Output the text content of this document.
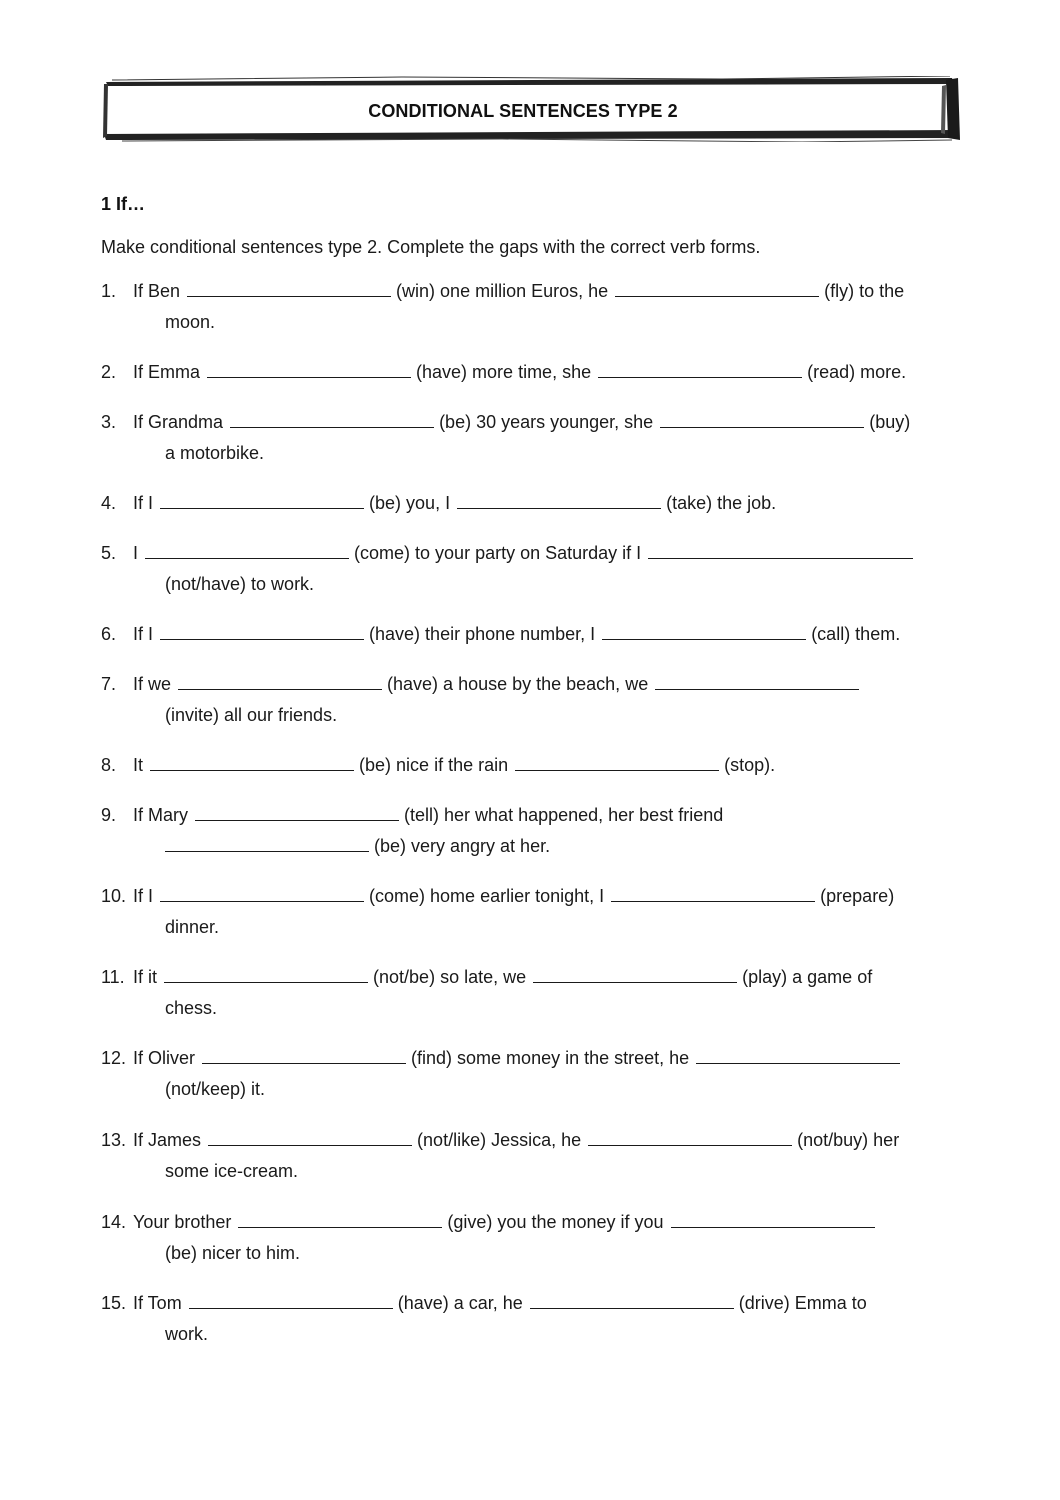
CONDITIONAL SENTENCES TYPE 2
1 If…
Make conditional sentences type 2. Complete the gaps with the correct verb forms.
1. If Ben	(win) one million Euros, he	(fly) to the
moon.
2. If Emma	(have) more time, she	(read) more.
3. If Grandma	(be) 30 years younger, she	(buy)
a motorbike.
4. If I	(be) you, I	(take) the job.
5. I	(come) to your party on Saturday if I
(not/have) to work.
6. If I	(have) their phone number, I	(call) them.
7. If we	(have) a house by the beach, we
(invite) all our friends.
8. It	(be) nice if the rain	(stop).
9. If Mary	(tell) her what happened, her best friend
(be) very angry at her.
10. If I	(come) home earlier tonight, I	(prepare)
dinner.
11. If it	(not/be) so late, we	(play) a game of
chess.
12. If Oliver	(find) some money in the street, he
(not/keep) it.
13. If James	(not/like) Jessica, he	(not/buy) her
some ice-cream.
14. Your brother	(give) you the money if you
(be) nicer to him.
15. If Tom	(have) a car, he	(drive) Emma to
work.
